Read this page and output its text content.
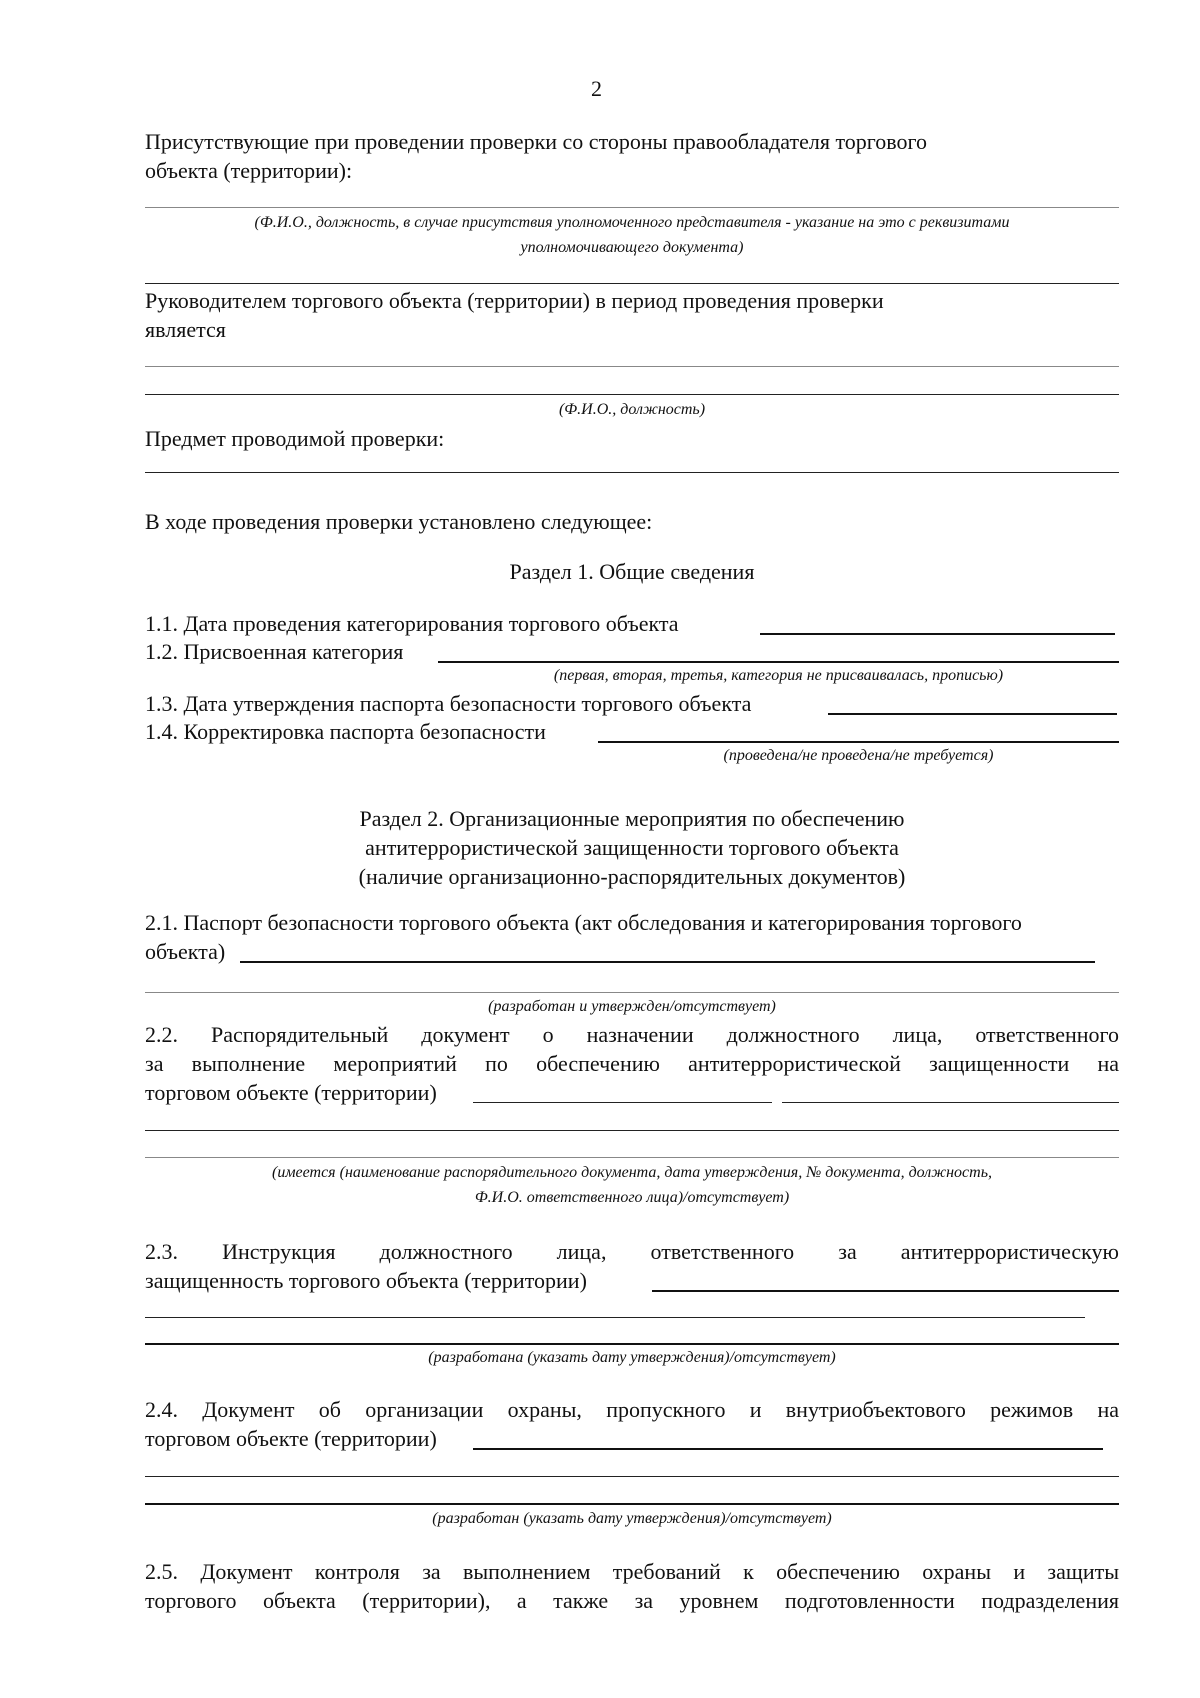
2
Присутствующие при проведении проверки со стороны правообладателя торгового
объекта (территории):
(Ф.И.О., должность, в случае присутствия уполномоченного представителя - указание на это с реквизитами
уполномочивающего документа)
Руководителем торгового объекта (территории) в период проведения проверки
является
(Ф.И.О., должность)
Предмет проводимой проверки:
В ходе проведения проверки установлено следующее:
Раздел 1. Общие сведения
1.1. Дата проведения категорирования торгового объекта
1.2. Присвоенная категория
(первая, вторая, третья, категория не присваивалась, прописью)
1.3. Дата утверждения паспорта безопасности торгового объекта
1.4. Корректировка паспорта безопасности
(проведена/не проведена/не требуется)
Раздел 2. Организационные мероприятия по обеспечению
антитеррористической защищенности торгового объекта
(наличие организационно-распорядительных документов)
2.1. Паспорт безопасности торгового объекта (акт обследования и категорирования торгового
объекта)
(разработан и утвержден/отсутствует)
2.2. Распорядительный документ о назначении должностного лица, ответственного
за выполнение мероприятий по обеспечению антитеррористической защищенности на
торговом объекте (территории)
(имеется (наименование распорядительного документа, дата утверждения, № документа, должность,
Ф.И.О. ответственного лица)/отсутствует)
2.3. Инструкция должностного лица, ответственного за антитеррористическую
защищенность торгового объекта (территории)
(разработана (указать дату утверждения)/отсутствует)
2.4. Документ об организации охраны, пропускного и внутриобъектового режимов на
торговом объекте (территории)
(разработан (указать дату утверждения)/отсутствует)
2.5. Документ контроля за выполнением требований к обеспечению охраны и защиты
торгового объекта (территории), а также за уровнем подготовленности подразделения
